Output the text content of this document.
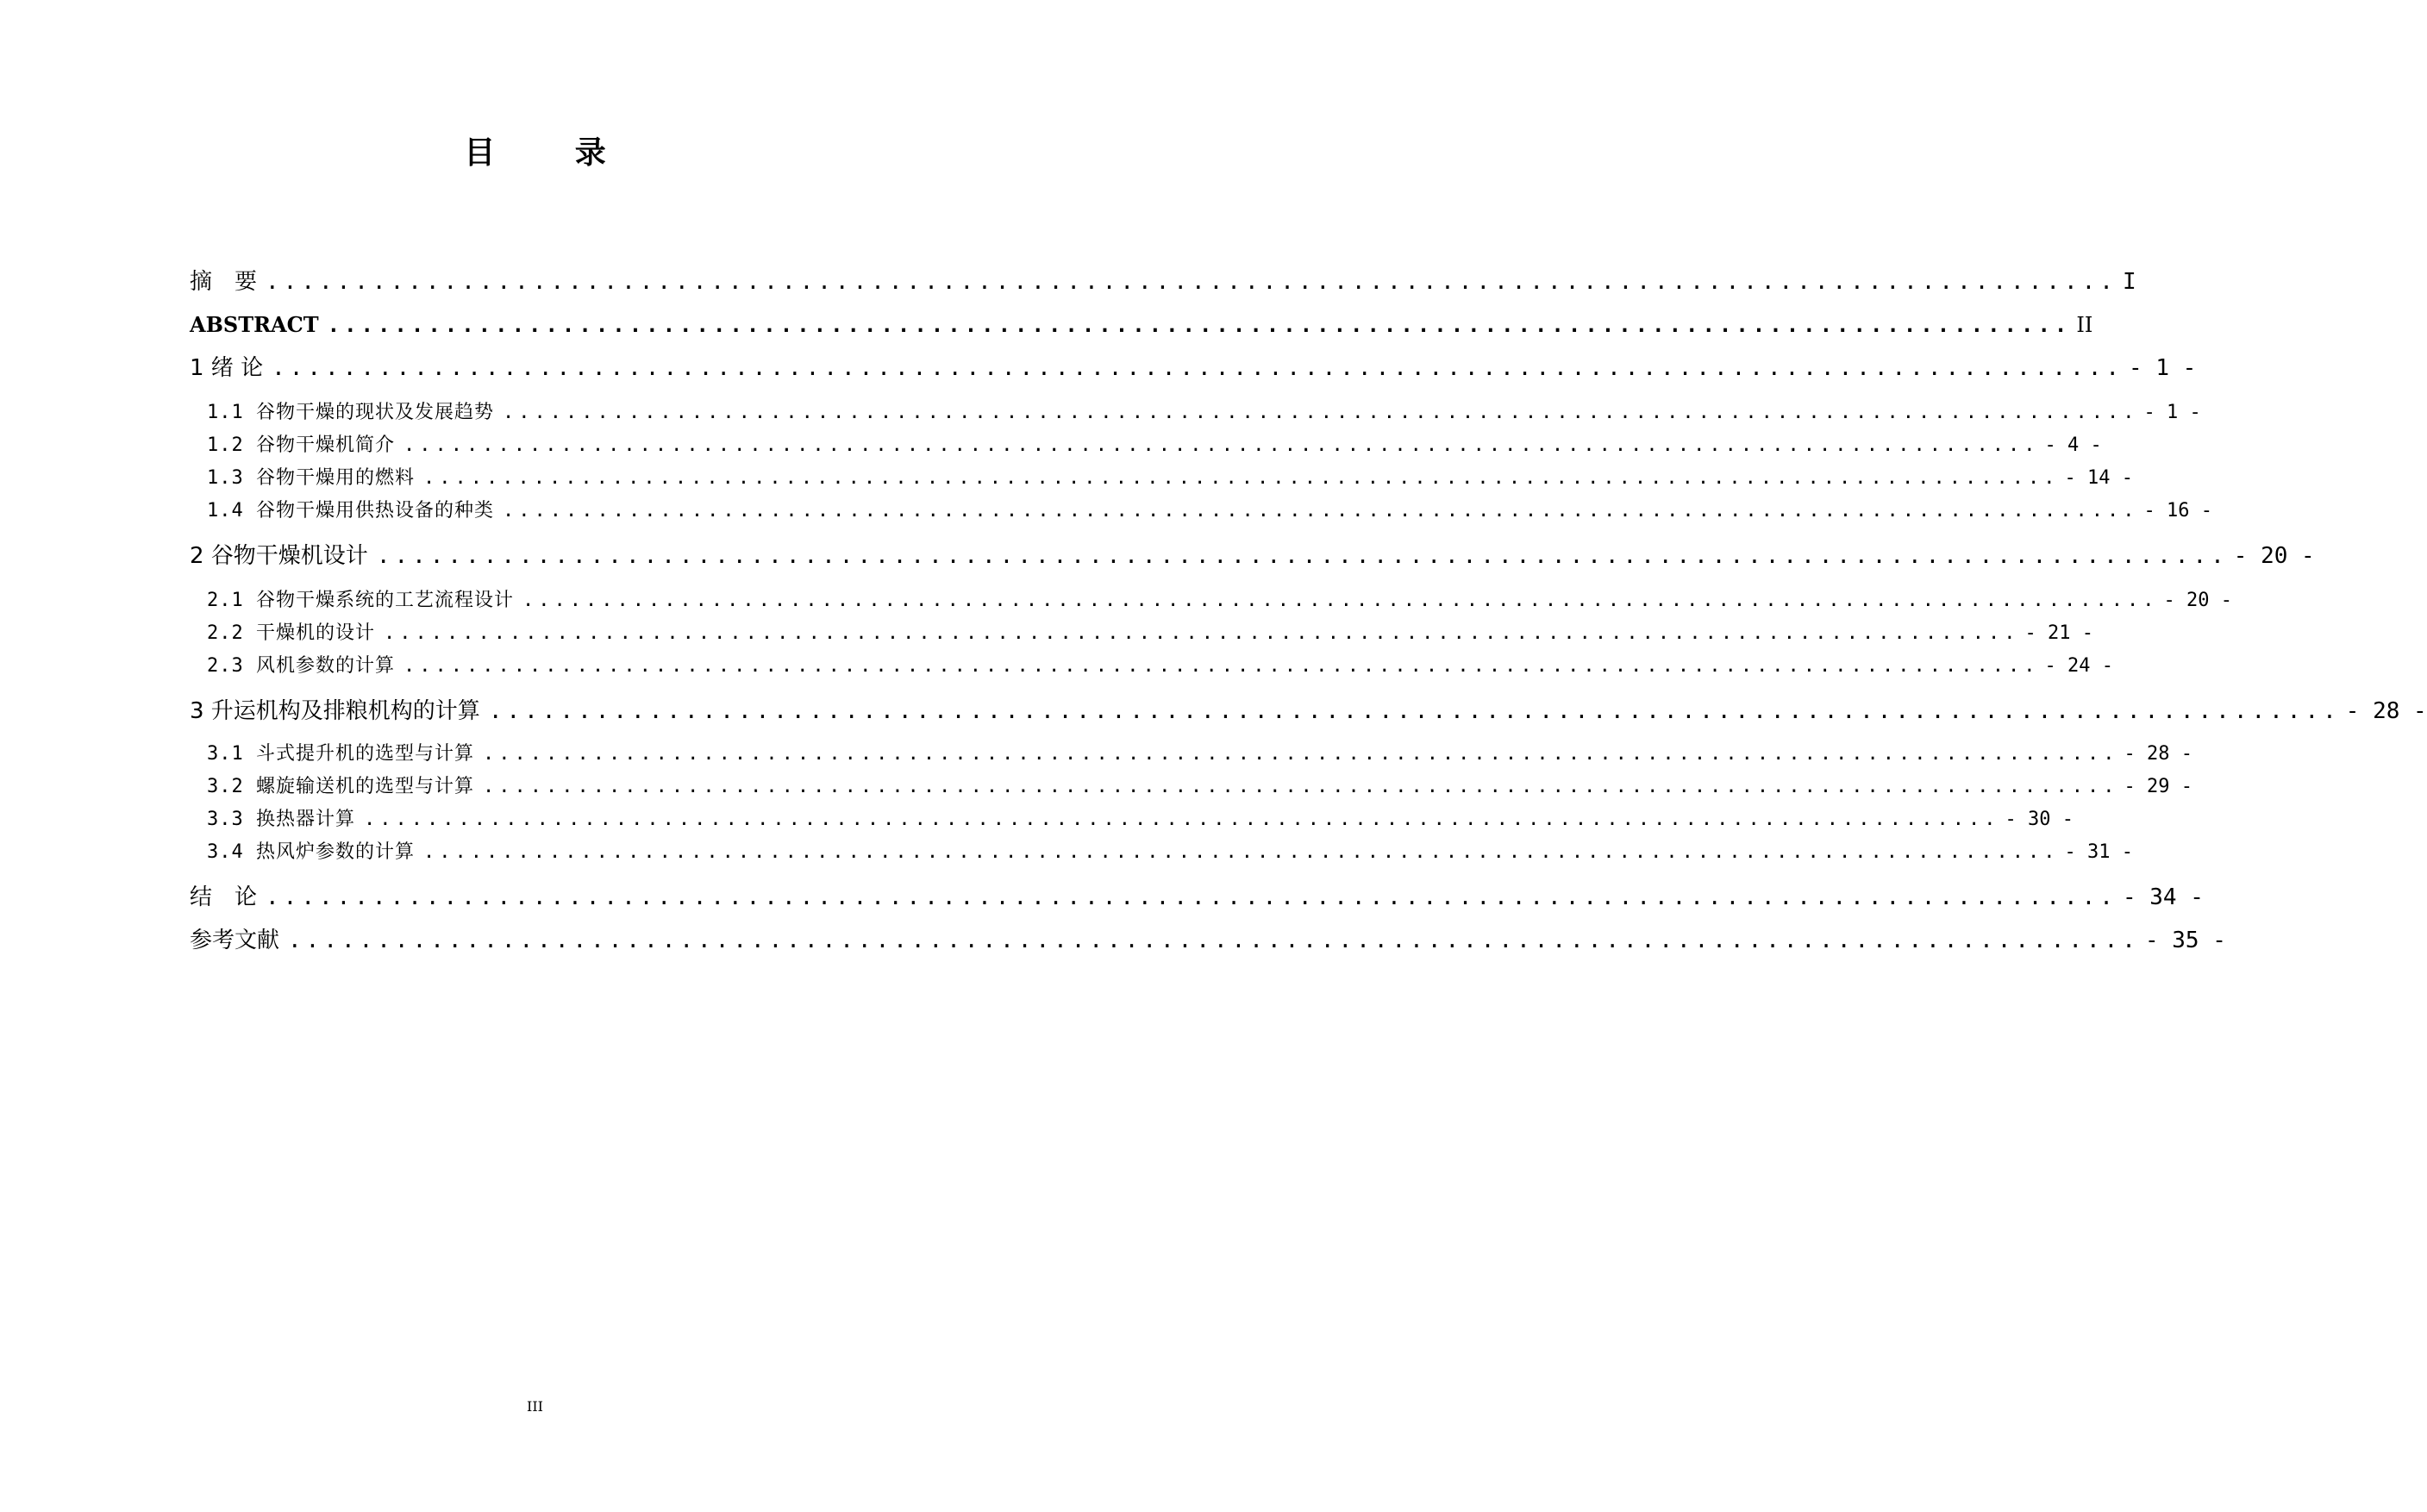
目 录
摘　要 ........................................................................................................ I
ABSTRACT ........................................................................................................ II
1 绪 论 ........................................................................................................ - 1 -
1.1 谷物干燥的现状及发展趋势 ........................................................................................................ - 1 -
1.2 谷物干燥机简介 ........................................................................................................ - 4 -
1.3 谷物干燥用的燃料 ........................................................................................................ - 14 -
1.4 谷物干燥用供热设备的种类 ........................................................................................................ - 16 -
2 谷物干燥机设计 ........................................................................................................ - 20 -
2.1 谷物干燥系统的工艺流程设计 ........................................................................................................ - 20 -
2.2 干燥机的设计 ........................................................................................................ - 21 -
2.3 风机参数的计算 ........................................................................................................ - 24 -
3 升运机构及排粮机构的计算 ........................................................................................................ - 28 -
3.1 斗式提升机的选型与计算 ........................................................................................................ - 28 -
3.2 螺旋输送机的选型与计算 ........................................................................................................ - 29 -
3.3 换热器计算 ........................................................................................................ - 30 -
3.4 热风炉参数的计算 ........................................................................................................ - 31 -
结　论 ........................................................................................................ - 34 -
参考文献 ........................................................................................................ - 35 -
III
